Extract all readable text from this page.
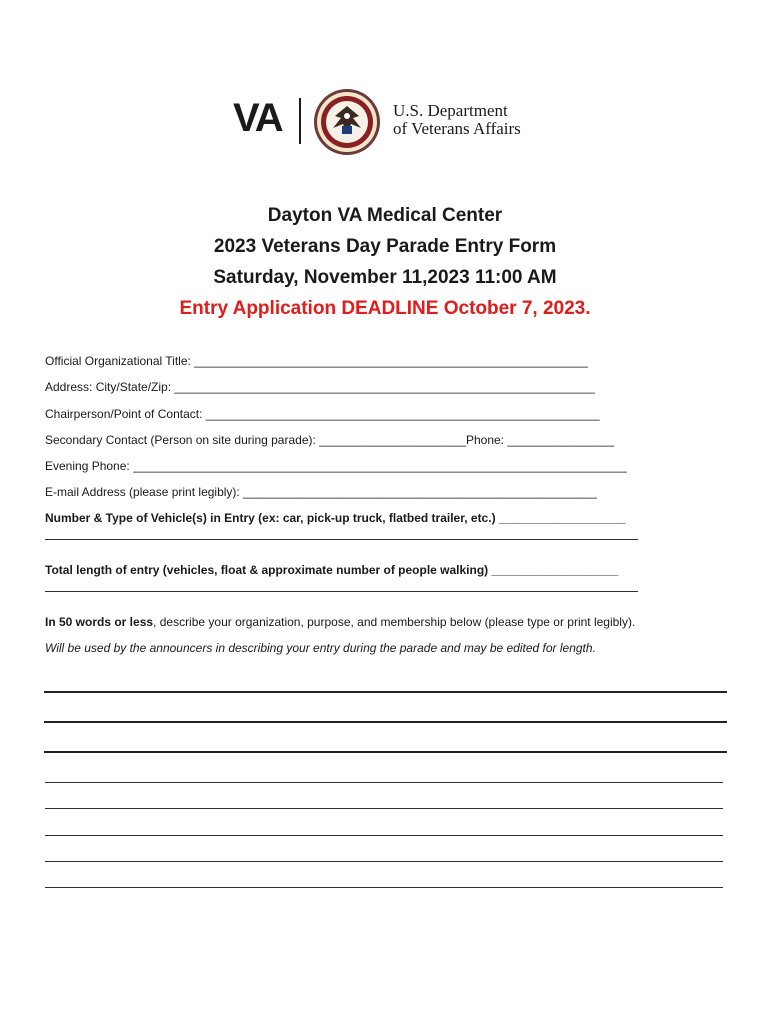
VA	U.S. Department
of Veterans Affairs
Dayton VA Medical Center
2023 Veterans Day Parade Entry Form
Saturday, November 11,2023 11:00 AM
Entry Application DEADLINE October 7, 2023.
Official Organizational Title: ___________________________________________________________
Address: City/State/Zip: _______________________________________________________________
Chairperson/Point of Contact: ___________________________________________________________
Secondary Contact (Person on site during parade): ______________________Phone: ________________
Evening Phone: __________________________________________________________________________
E-mail Address (please print legibly): _____________________________________________________
Number & Type of Vehicle(s) in Entry (ex: car, pick-up truck, flatbed trailer, etc.) ___________________
Total length of entry (vehicles, float & approximate number of people walking) ___________________
In 50 words or less, describe your organization, purpose, and membership below (please type or print legibly).
Will be used by the announcers in describing your entry during the parade and may be edited for length.
